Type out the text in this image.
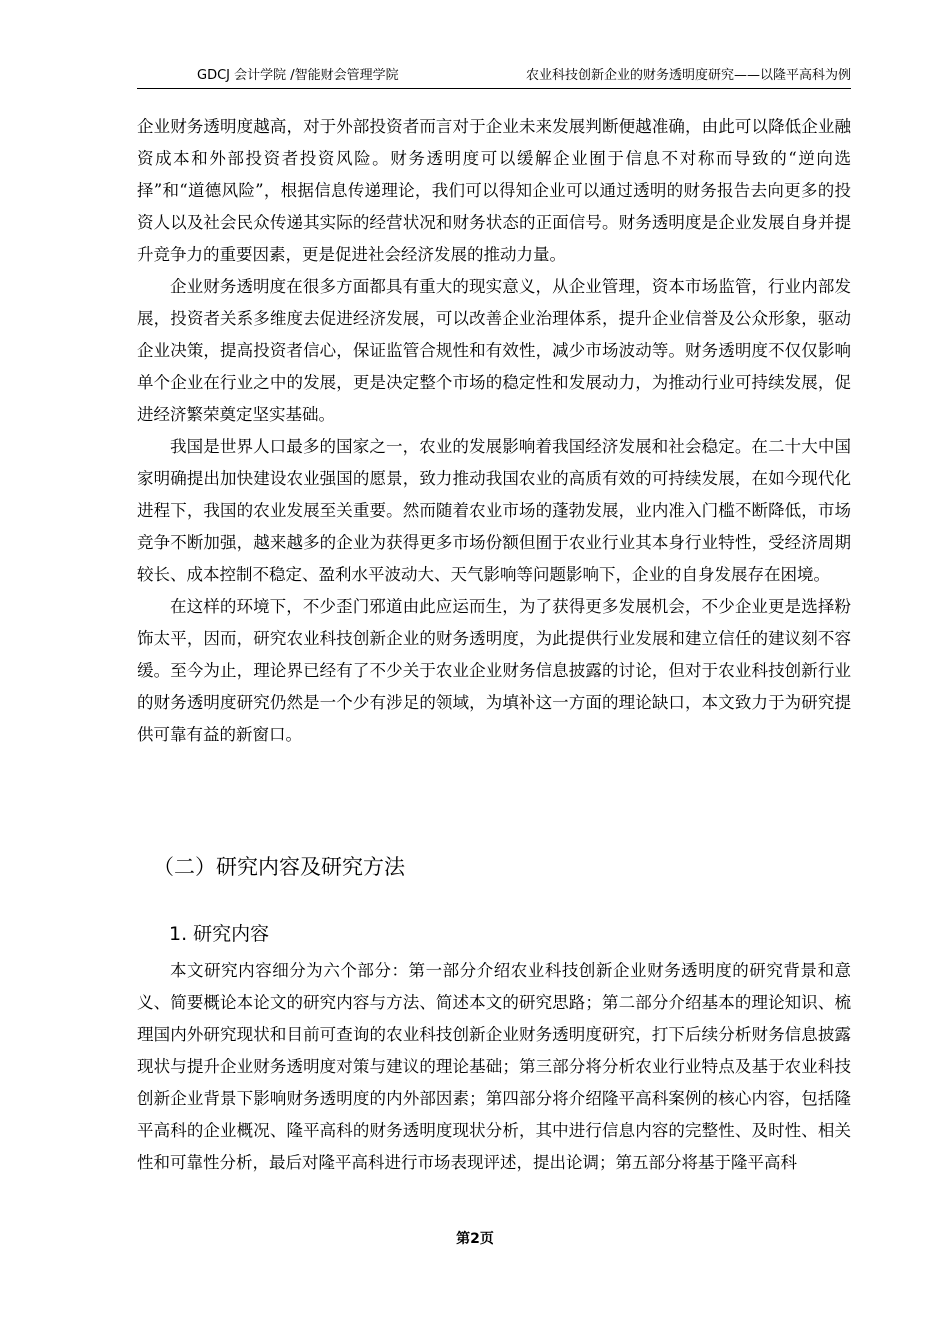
GDCJ 会计学院 /智能财会管理学院	农业科技创新企业的财务透明度研究——以隆平高科为例

企业财务透明度越高，对于外部投资者而言对于企业未来发展判断便越准确，由此可以降低企业融资成本和外部投资者投资风险。财务透明度可以缓解企业囿于信息不对称而导致的“逆向选择”和“道德风险”，根据信息传递理论，我们可以得知企业可以通过透明的财务报告去向更多的投资人以及社会民众传递其实际的经营状况和财务状态的正面信号。财务透明度是企业发展自身并提升竞争力的重要因素，更是促进社会经济发展的推动力量。

企业财务透明度在很多方面都具有重大的现实意义，从企业管理，资本市场监管，行业内部发展，投资者关系多维度去促进经济发展，可以改善企业治理体系，提升企业信誉及公众形象，驱动企业决策，提高投资者信心，保证监管合规性和有效性，减少市场波动等。财务透明度不仅仅影响单个企业在行业之中的发展，更是决定整个市场的稳定性和发展动力，为推动行业可持续发展，促进经济繁荣奠定坚实基础。

我国是世界人口最多的国家之一，农业的发展影响着我国经济发展和社会稳定。在二十大中国家明确提出加快建设农业强国的愿景，致力推动我国农业的高质有效的可持续发展，在如今现代化进程下，我国的农业发展至关重要。然而随着农业市场的蓬勃发展，业内准入门槛不断降低，市场竞争不断加强，越来越多的企业为获得更多市场份额但囿于农业行业其本身行业特性，受经济周期较长、成本控制不稳定、盈利水平波动大、天气影响等问题影响下，企业的自身发展存在困境。

在这样的环境下，不少歪门邪道由此应运而生，为了获得更多发展机会，不少企业更是选择粉饰太平，因而，研究农业科技创新企业的财务透明度，为此提供行业发展和建立信任的建议刻不容缓。至今为止，理论界已经有了不少关于农业企业财务信息披露的讨论，但对于农业科技创新行业的财务透明度研究仍然是一个少有涉足的领域，为填补这一方面的理论缺口，本文致力于为研究提供可靠有益的新窗口。

（二）研究内容及研究方法
1. 研究内容

本文研究内容细分为六个部分：第一部分介绍农业科技创新企业财务透明度的研究背景和意义、简要概论本论文的研究内容与方法、简述本文的研究思路；第二部分介绍基本的理论知识、梳理国内外研究现状和目前可查询的农业科技创新企业财务透明度研究，打下后续分析财务信息披露现状与提升企业财务透明度对策与建议的理论基础；第三部分将分析农业行业特点及基于农业科技创新企业背景下影响财务透明度的内外部因素；第四部分将介绍隆平高科案例的核心内容，包括隆平高科的企业概况、隆平高科的财务透明度现状分析，其中进行信息内容的完整性、及时性、相关性和可靠性分析，最后对隆平高科进行市场表现评述，提出论调；第五部分将基于隆平高科

第2页
